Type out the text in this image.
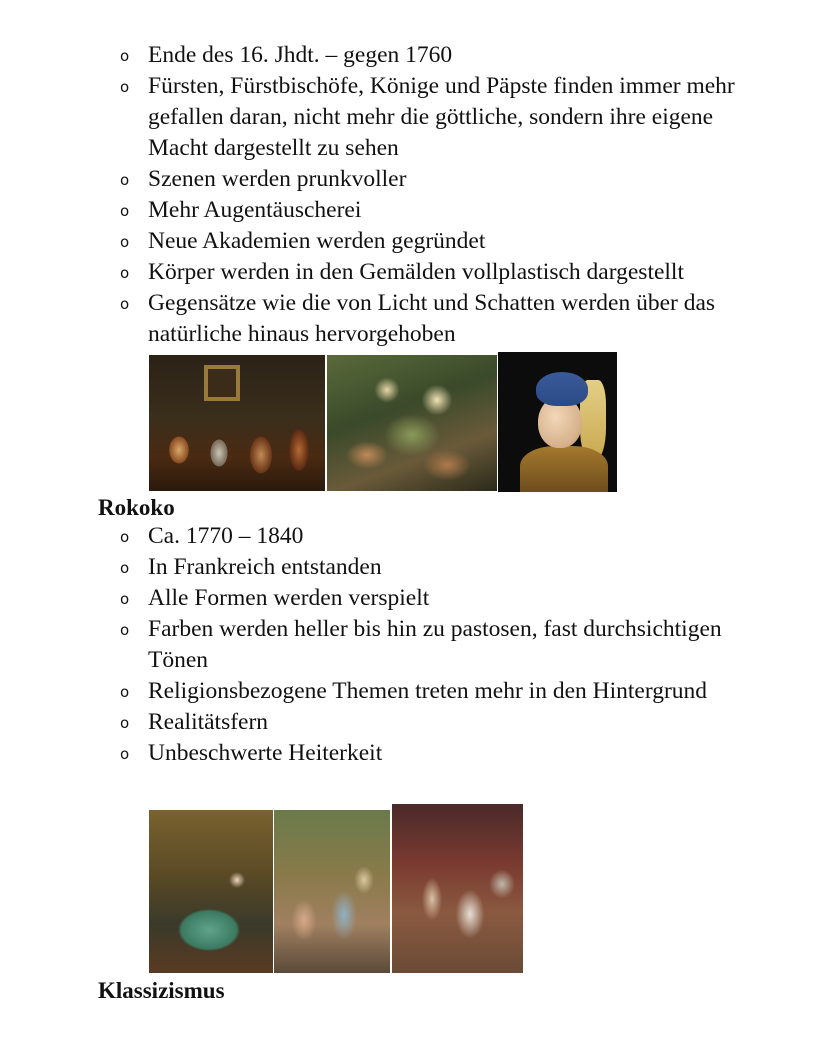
o Ende des 16. Jhdt. – gegen 1760
o Fürsten, Fürstbischöfe, Könige und Päpste finden immer mehr gefallen daran, nicht mehr die göttliche, sondern ihre eigene Macht dargestellt zu sehen
o Szenen werden prunkvoller
o Mehr Augentäuscherei
o Neue Akademien werden gegründet
o Körper werden in den Gemälden vollplastisch dargestellt
o Gegensätze wie die von Licht und Schatten werden über das natürliche hinaus hervorgehoben
Rokoko
o Ca. 1770 – 1840
o In Frankreich entstanden
o Alle Formen werden verspielt
o Farben werden heller bis hin zu pastosen, fast durchsichtigen Tönen
o Religionsbezogene Themen treten mehr in den Hintergrund
o Realitätsfern
o Unbeschwerte Heiterkeit
Klassizismus
